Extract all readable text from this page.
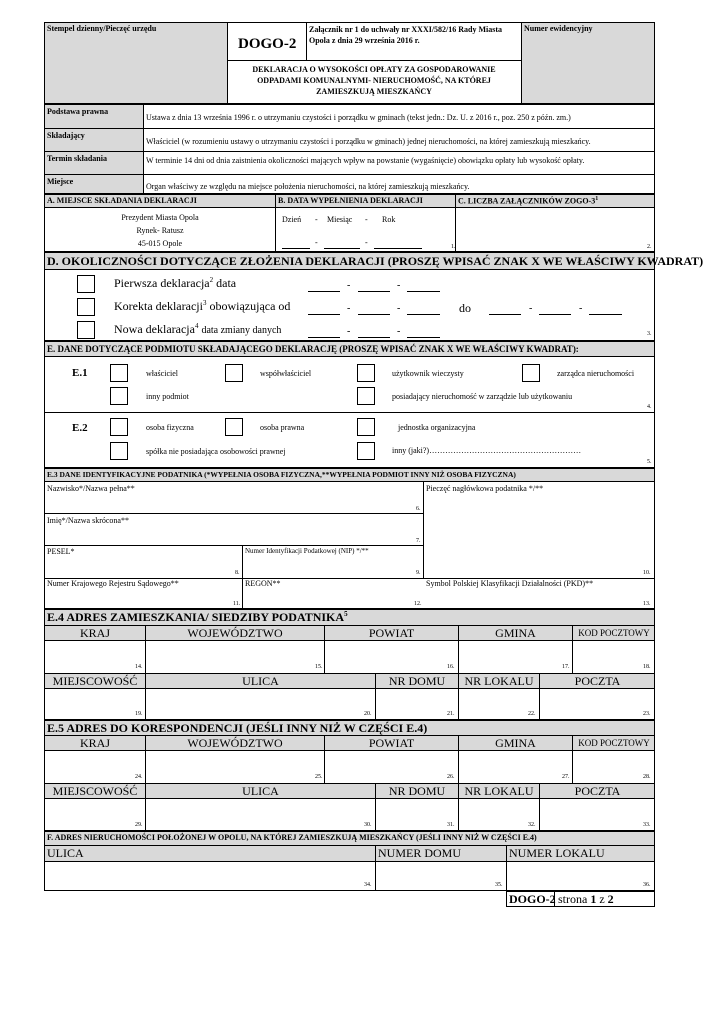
Stempel dzienny/Pieczęć urzędu
DOGO-2
Załącznik nr 1 do uchwały nr XXXI/582/16 Rady Miasta Opola z dnia 29 września 2016 r.
Numer ewidencyjny
DEKLARACJA O WYSOKOŚCI OPŁATY ZA GOSPODAROWANIE ODPADAMI KOMUNALNYMI- NIERUCHOMOŚĆ, NA KTÓREJ ZAMIESZKUJĄ MIESZKAŃCY
Podstawa prawna
Ustawa z dnia 13 września 1996 r. o utrzymaniu czystości i porządku w gminach (tekst jedn.: Dz. U. z 2016 r., poz. 250 z późn. zm.)
Składający
Właściciel (w rozumieniu ustawy o utrzymaniu czystości i porządku w gminach) jednej nieruchomości, na której zamieszkują mieszkańcy.
Termin składania	W terminie 14 dni od dnia zaistnienia okoliczności mających wpływ na powstanie (wygaśnięcie) obowiązku opłaty lub wysokość opłaty.
Miejsce
Organ właściwy ze względu na miejsce położenia nieruchomości, na której zamieszkują mieszkańcy.
A. MIEJSCE SKŁADANIA DEKLARACJI	B. DATA WYPEŁNIENIA DEKLARACJI	C. LICZBA ZAŁĄCZNIKÓW ZOGO-$3^1$
Prezydent Miasta Opola
Rynek- Ratusz
45-015 Opole	1.
Dzień - Miesiąc - Rok
-	-	2.
D. OKOLICZNOŚCI DOTYCZĄCE ZŁOŻENIA DEKLARACJI (PROSZĘ WPISAĆ ZNAK X WE WŁAŚCIWY KWADRAT)
Pierwsza deklaracja$^2$ data
Korekta deklaracji$^3$ obowiązująca od
Nowa deklaracja$^4$ data zmiany danych
-	-
-	-	do	-	-
-	-	3.
E. DANE DOTYCZĄCE PODMIOTU SKŁADAJĄCEGO DEKLARACJĘ (PROSZĘ WPISAĆ ZNAK X WE WŁAŚCIWY KWADRAT):
E.1	właściciel	współwłaściciel	użytkownik wieczysty	zarządca nieruchomości
inny podmiot	posiadający nieruchomość w zarządzie lub użytkowaniu
4.
E.2	osoba fizyczna	osoba prawna	jednostka organizacyjna
spółka nie posiadająca osobowości prawnej	inny (jaki?)…………………………………………………
5.
E.3 DANE IDENTYFIKACYJNE PODATNIKA (*WYPEŁNIA OSOBA FIZYCZNA,**WYPEŁNIA PODMIOT INNY NIŻ OSOBA FIZYCZNA)
Nazwisko*/Nazwa pełna**
6.
Pieczęć nagłówkowa podatnika */**
Imię*/Nazwa skrócona**
7.
PESEL*
8.
Numer Identyfikacji Podatkowej (NIP) */**
9.	10.
Numer Krajowego Rejestru Sądowego**
11.
REGON**
12.
Symbol Polskiej Klasyfikacji Działalności (PKD)**
13.
E.4 ADRES ZAMIESZKANIA/ SIEDZIBY PODATNIKA$^5$
KRAJ	WOJEWÓDZTWO	POWIAT	GMINA	KOD POCZTOWY
14.	15.	16.	17.	18.
MIEJSCOWOŚĆ	ULICA	NR DOMU	NR LOKALU	POCZTA
19.	20.	21.	22.	23.
E.5 ADRES DO KORESPONDENCJI (JEŚLI INNY NIŻ W CZĘŚCI E.4)
KRAJ	WOJEWÓDZTWO	POWIAT	GMINA	KOD POCZTOWY
24.	25.	26.	27.	28.
MIEJSCOWOŚĆ	ULICA	NR DOMU	NR LOKALU	POCZTA
29.	30.	31.	32.	33.
F. ADRES NIERUCHOMOŚCI POŁOŻONEJ W OPOLU, NA KTÓREJ ZAMIESZKUJĄ MIESZKAŃCY (JEŚLI INNY NIŻ W CZĘŚCI E.4)
ULICA	NUMER DOMU	NUMER LOKALU
34.	35.	36.
DOGO-2 strona 1 z 2
